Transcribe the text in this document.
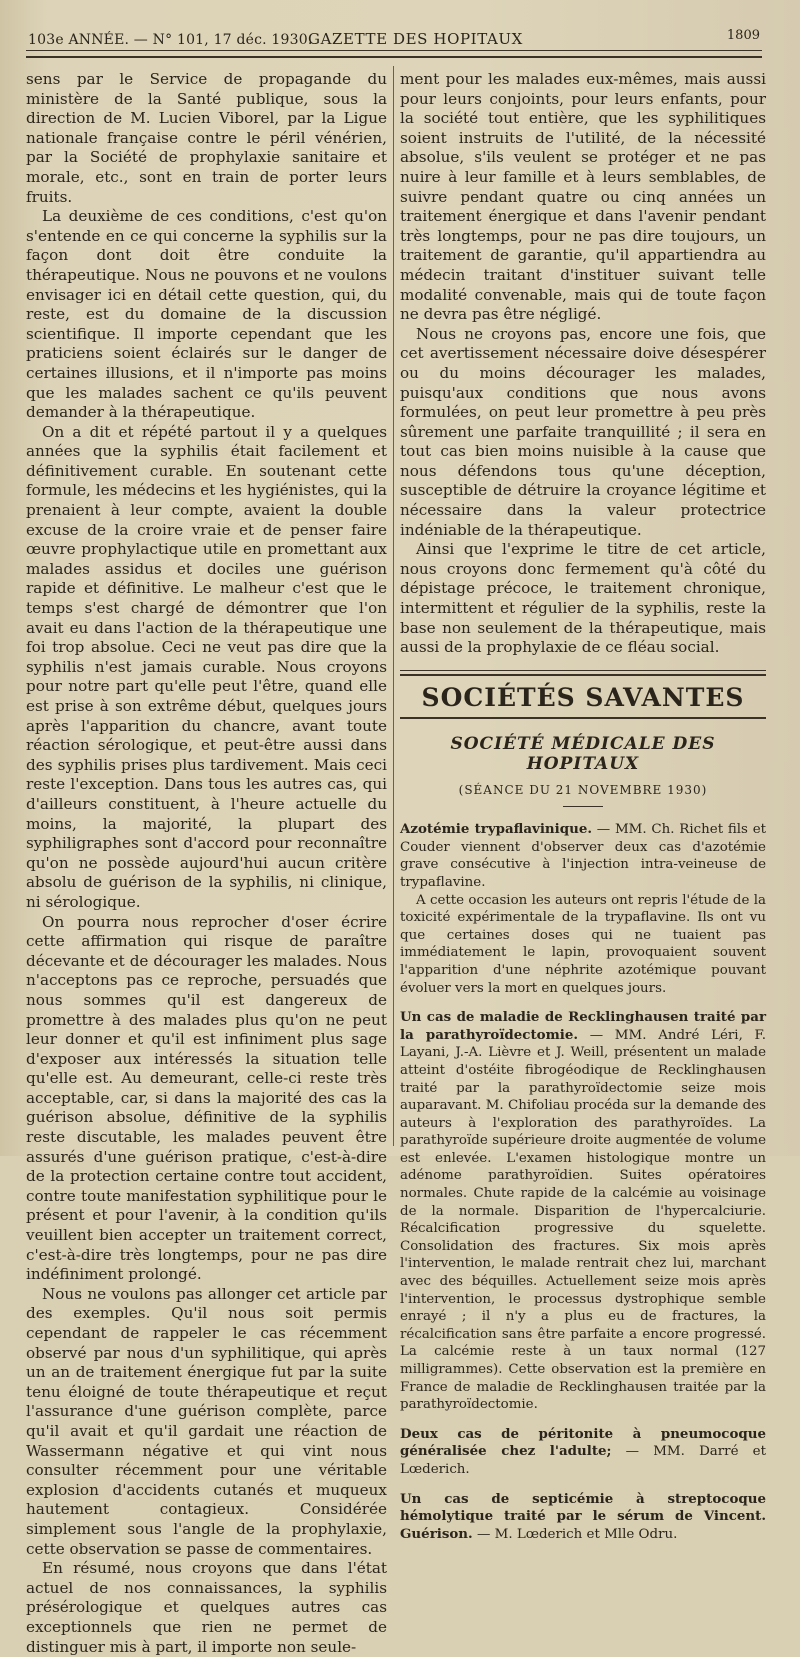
103e ANNÉE. — N° 101, 17 déc. 1930.
GAZETTE DES HOPITAUX	1809

sens par le Service de propagande du ministère de la Santé publique, sous la direction de M. Lucien Viborel, par la Ligue nationale française contre le péril vénérien, par la Société de prophylaxie sanitaire et morale, etc., sont en train de porter leurs fruits.

La deuxième de ces conditions, c'est qu'on s'entende en ce qui concerne la syphilis sur la façon dont doit être conduite la thérapeutique. Nous ne pouvons et ne voulons envisager ici en détail cette question, qui, du reste, est du domaine de la discussion scientifique. Il importe cependant que les praticiens soient éclairés sur le danger de certaines illusions, et il n'importe pas moins que les malades sachent ce qu'ils peuvent demander à la thérapeutique.

On a dit et répété partout il y a quelques années que la syphilis était facilement et définitivement curable. En soutenant cette formule, les médecins et les hygiénistes, qui la prenaient à leur compte, avaient la double excuse de la croire vraie et de penser faire œuvre prophylactique utile en promettant aux malades assidus et dociles une guérison rapide et définitive. Le malheur c'est que le temps s'est chargé de démontrer que l'on avait eu dans l'action de la thérapeutique une foi trop absolue. Ceci ne veut pas dire que la syphilis n'est jamais curable. Nous croyons pour notre part qu'elle peut l'être, quand elle est prise à son extrême début, quelques jours après l'apparition du chancre, avant toute réaction sérologique, et peut-être aussi dans des syphilis prises plus tardivement. Mais ceci reste l'exception. Dans tous les autres cas, qui d'ailleurs constituent, à l'heure actuelle du moins, la majorité, la plupart des syphiligraphes sont d'accord pour reconnaître qu'on ne possède aujourd'hui aucun critère absolu de guérison de la syphilis, ni clinique, ni sérologique.

On pourra nous reprocher d'oser écrire cette affirmation qui risque de paraître décevante et de décourager les malades. Nous n'acceptons pas ce reproche, persuadés que nous sommes qu'il est dangereux de promettre à des malades plus qu'on ne peut leur donner et qu'il est infiniment plus sage d'exposer aux intéressés la situation telle qu'elle est. Au demeurant, celle-ci reste très acceptable, car, si dans la majorité des cas la guérison absolue, définitive de la syphilis reste discutable, les malades peuvent être assurés d'une guérison pratique, c'est-à-dire de la protection certaine contre tout accident, contre toute manifestation syphilitique pour le présent et pour l'avenir, à la condition qu'ils veuillent bien accepter un traitement correct, c'est-à-dire très longtemps, pour ne pas dire indéfiniment prolongé.

Nous ne voulons pas allonger cet article par des exemples. Qu'il nous soit permis cependant de rappeler le cas récemment observé par nous d'un syphilitique, qui après un an de traitement énergique fut par la suite tenu éloigné de toute thérapeutique et reçut l'assurance d'une guérison complète, parce qu'il avait et qu'il gardait une réaction de Wassermann négative et qui vint nous consulter récemment pour une véritable explosion d'accidents cutanés et muqueux hautement contagieux. Considérée simplement sous l'angle de la prophylaxie, cette observation se passe de commentaires.

En résumé, nous croyons que dans l'état actuel de nos connaissances, la syphilis présérologique et quelques autres cas exceptionnels que rien ne permet de distinguer mis à part, il importe non seule-

ment pour les malades eux-mêmes, mais aussi pour leurs conjoints, pour leurs enfants, pour la société tout entière, que les syphilitiques soient instruits de l'utilité, de la nécessité absolue, s'ils veulent se protéger et ne pas nuire à leur famille et à leurs semblables, de suivre pendant quatre ou cinq années un traitement énergique et dans l'avenir pendant très longtemps, pour ne pas dire toujours, un traitement de garantie, qu'il appartiendra au médecin traitant d'instituer suivant telle modalité convenable, mais qui de toute façon ne devra pas être négligé.

Nous ne croyons pas, encore une fois, que cet avertissement nécessaire doive désespérer ou du moins décourager les malades, puisqu'aux conditions que nous avons formulées, on peut leur promettre à peu près sûrement une parfaite tranquillité ; il sera en tout cas bien moins nuisible à la cause que nous défendons tous qu'une déception, susceptible de détruire la croyance légitime et nécessaire dans la valeur protectrice indéniable de la thérapeutique.

Ainsi que l'exprime le titre de cet article, nous croyons donc fermement qu'à côté du dépistage précoce, le traitement chronique, intermittent et régulier de la syphilis, reste la base non seulement de la thérapeutique, mais aussi de la prophylaxie de ce fléau social.

SOCIÉTÉS SAVANTES
SOCIÉTÉ MÉDICALE DES HOPITAUX
(SÉANCE DU 21 NOVEMBRE 1930)

Azotémie trypaflavinique. — MM. Ch. Richet fils et Couder viennent d'observer deux cas d'azotémie grave consécutive à l'injection intra-veineuse de trypaflavine.

A cette occasion les auteurs ont repris l'étude de la toxicité expérimentale de la trypaflavine. Ils ont vu que certaines doses qui ne tuaient pas immédiatement le lapin, provoquaient souvent l'apparition d'une néphrite azotémique pouvant évoluer vers la mort en quelques jours.

Un cas de maladie de Recklinghausen traité par la parathyroïdectomie. — MM. André Léri, F. Layani, J.-A. Lièvre et J. Weill, présentent un malade atteint d'ostéite fibrogéodique de Recklinghausen traité par la parathyroïdectomie seize mois auparavant. M. Chifoliau procéda sur la demande des auteurs à l'exploration des parathyroïdes. La parathyroïde supérieure droite augmentée de volume est enlevée. L'examen histologique montre un adénome parathyroïdien. Suites opératoires normales. Chute rapide de la calcémie au voisinage de la normale. Disparition de l'hypercalciurie. Récalcification progressive du squelette. Consolidation des fractures. Six mois après l'intervention, le malade rentrait chez lui, marchant avec des béquilles. Actuellement seize mois après l'intervention, le processus dystrophique semble enrayé ; il n'y a plus eu de fractures, la récalcification sans être parfaite a encore progressé. La calcémie reste à un taux normal (127 milligrammes). Cette observation est la première en France de maladie de Recklinghausen traitée par la parathyroïdectomie.

Deux cas de péritonite à pneumocoque généralisée chez l'adulte; — MM. Darré et Lœderich.

Un cas de septicémie à streptocoque hémolytique traité par le sérum de Vincent. Guérison. — M. Lœderich et Mlle Odru.
